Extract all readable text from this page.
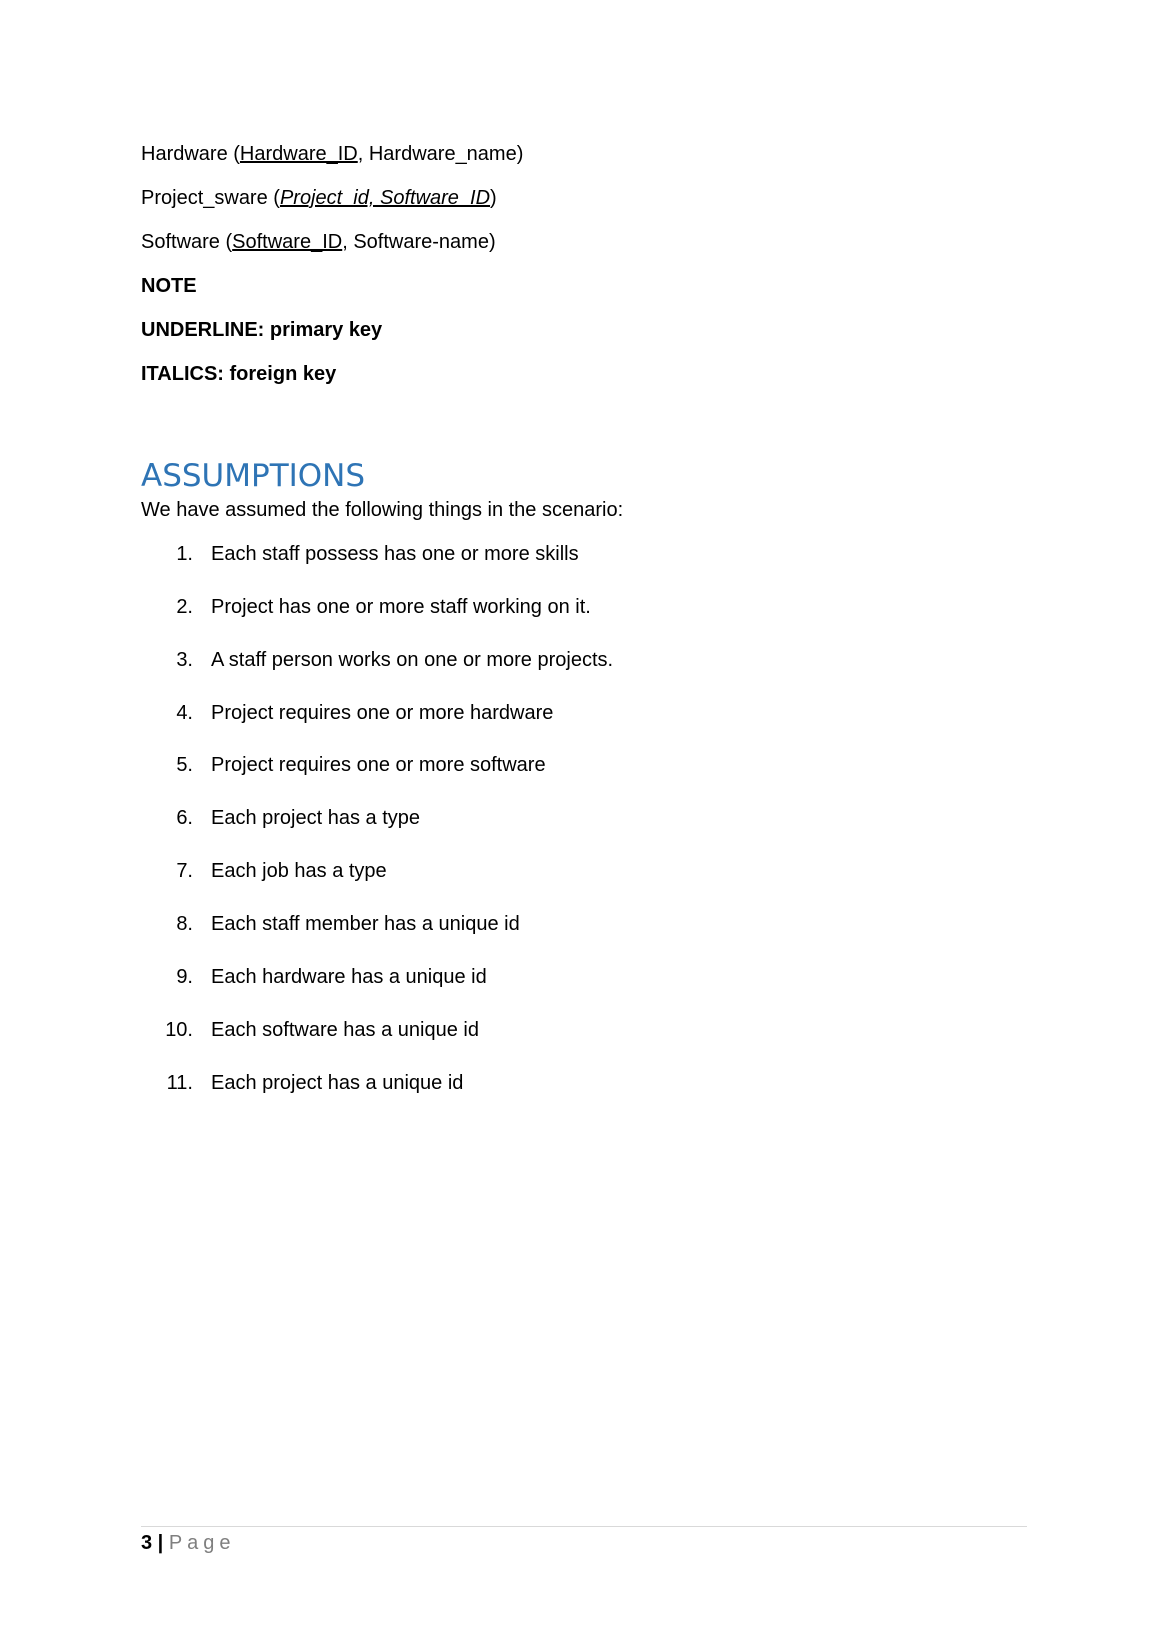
Hardware (Hardware_ID, Hardware_name)
Project_sware (Project_id, Software_ID)
Software (Software_ID, Software-name)
NOTE
UNDERLINE: primary key
ITALICS: foreign key
ASSUMPTIONS
We have assumed the following things in the scenario:
1. Each staff possess has one or more skills
2. Project has one or more staff working on it.
3. A staff person works on one or more projects.
4. Project requires one or more hardware
5. Project requires one or more software
6. Each project has a type
7. Each job has a type
8. Each staff member has a unique id
9. Each hardware has a unique id
10. Each software has a unique id
11. Each project has a unique id
3 | Page
